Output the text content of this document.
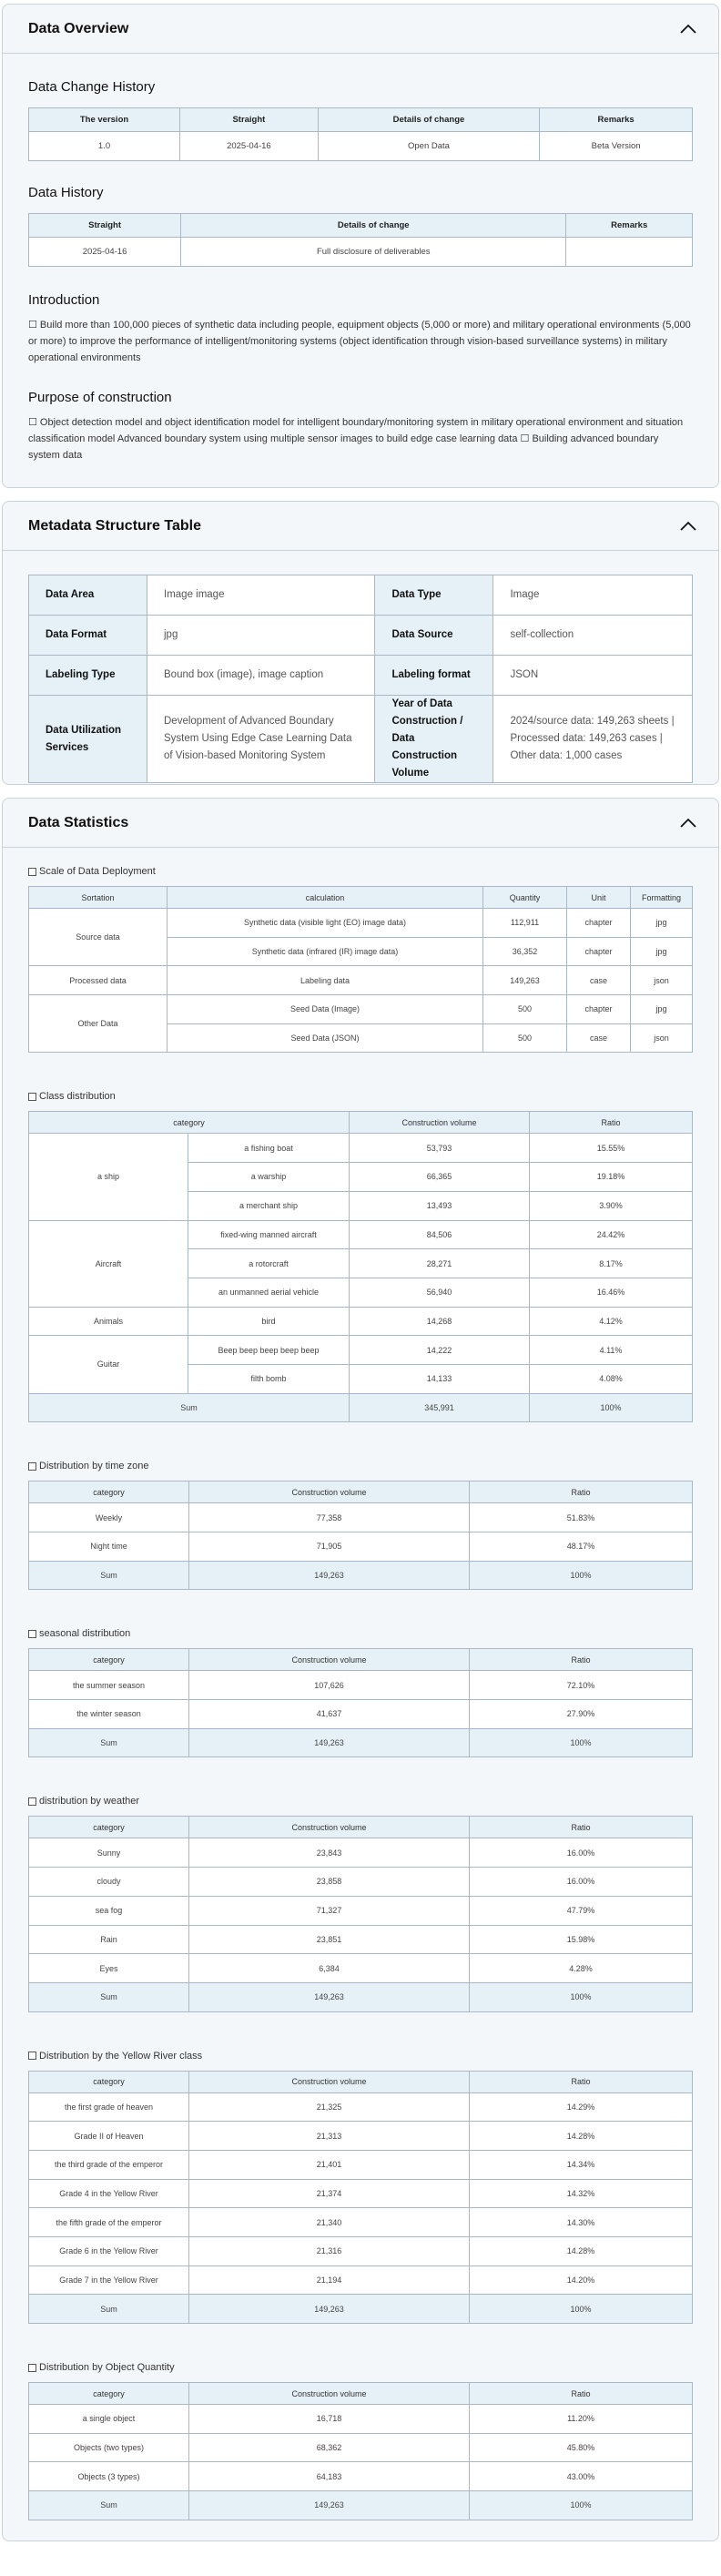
Data Overview
Data Change History
The version	Straight	Details of change	Remarks
1.0	2025-04-16	Open Data	Beta Version
Data History
Straight	Details of change	Remarks
2025-04-16	Full disclosure of deliverables	
Introduction

☐ Build more than 100,000 pieces of synthetic data including people, equipment objects (5,000 or more) and military operational environments (5,000 or more) to improve the performance of intelligent/monitoring systems (object identification through vision-based surveillance systems) in military operational environments

Purpose of construction

☐ Object detection model and object identification model for intelligent boundary/monitoring system in military operational environment and situation classification model Advanced boundary system using multiple sensor images to build edge case learning data ☐ Building advanced boundary system data

Metadata Structure Table
Data Area	Image image	Data Type	Image
Data Format	jpg	Data Source	self-collection
Labeling Type	Bound box (image), image caption	Labeling format	JSON
Data Utilization Services	Development of Advanced Boundary System Using Edge Case Learning Data of Vision-based Monitoring System	Year of Data Construction / Data Construction Volume	2024/source data: 149,263 sheets | Processed data: 149,263 cases | Other data: 1,000 cases
Data Statistics
Scale of Data Deployment
Sortation	calculation	Quantity	Unit	Formatting
Source data	Synthetic data (visible light (EO) image data)	112,911	chapter	jpg
	Synthetic data (infrared (IR) image data)	36,352	chapter	jpg
Processed data	Labeling data	149,263	case	json
Other Data	Seed Data (Image)	500	chapter	jpg
	Seed Data (JSON)	500	case	json
Class distribution
category		Construction volume	Ratio
a ship	a fishing boat	53,793	15.55%
	a warship	66,365	19.18%
	a merchant ship	13,493	3.90%
Aircraft	fixed-wing manned aircraft	84,506	24.42%
	a rotorcraft	28,271	8.17%
	an unmanned aerial vehicle	56,940	16.46%
Animals	bird	14,268	4.12%
Guitar	Beep beep beep beep beep	14,222	4.11%
	filth bomb	14,133	4.08%
Sum		345,991	100%
Distribution by time zone
category	Construction volume	Ratio
Weekly	77,358	51.83%
Night time	71,905	48.17%
Sum	149,263	100%
seasonal distribution
category	Construction volume	Ratio
the summer season	107,626	72.10%
the winter season	41,637	27.90%
Sum	149,263	100%
distribution by weather
category	Construction volume	Ratio
Sunny	23,843	16.00%
cloudy	23,858	16.00%
sea fog	71,327	47.79%
Rain	23,851	15.98%
Eyes	6,384	4.28%
Sum	149,263	100%
Distribution by the Yellow River class
category	Construction volume	Ratio
the first grade of heaven	21,325	14.29%
Grade II of Heaven	21,313	14.28%
the third grade of the emperor	21,401	14.34%
Grade 4 in the Yellow River	21,374	14.32%
the fifth grade of the emperor	21,340	14.30%
Grade 6 in the Yellow River	21,316	14.28%
Grade 7 in the Yellow River	21,194	14.20%
Sum	149,263	100%
Distribution by Object Quantity
category	Construction volume	Ratio
a single object	16,718	11.20%
Objects (two types)	68,362	45.80%
Objects (3 types)	64,183	43.00%
Sum	149,263	100%
